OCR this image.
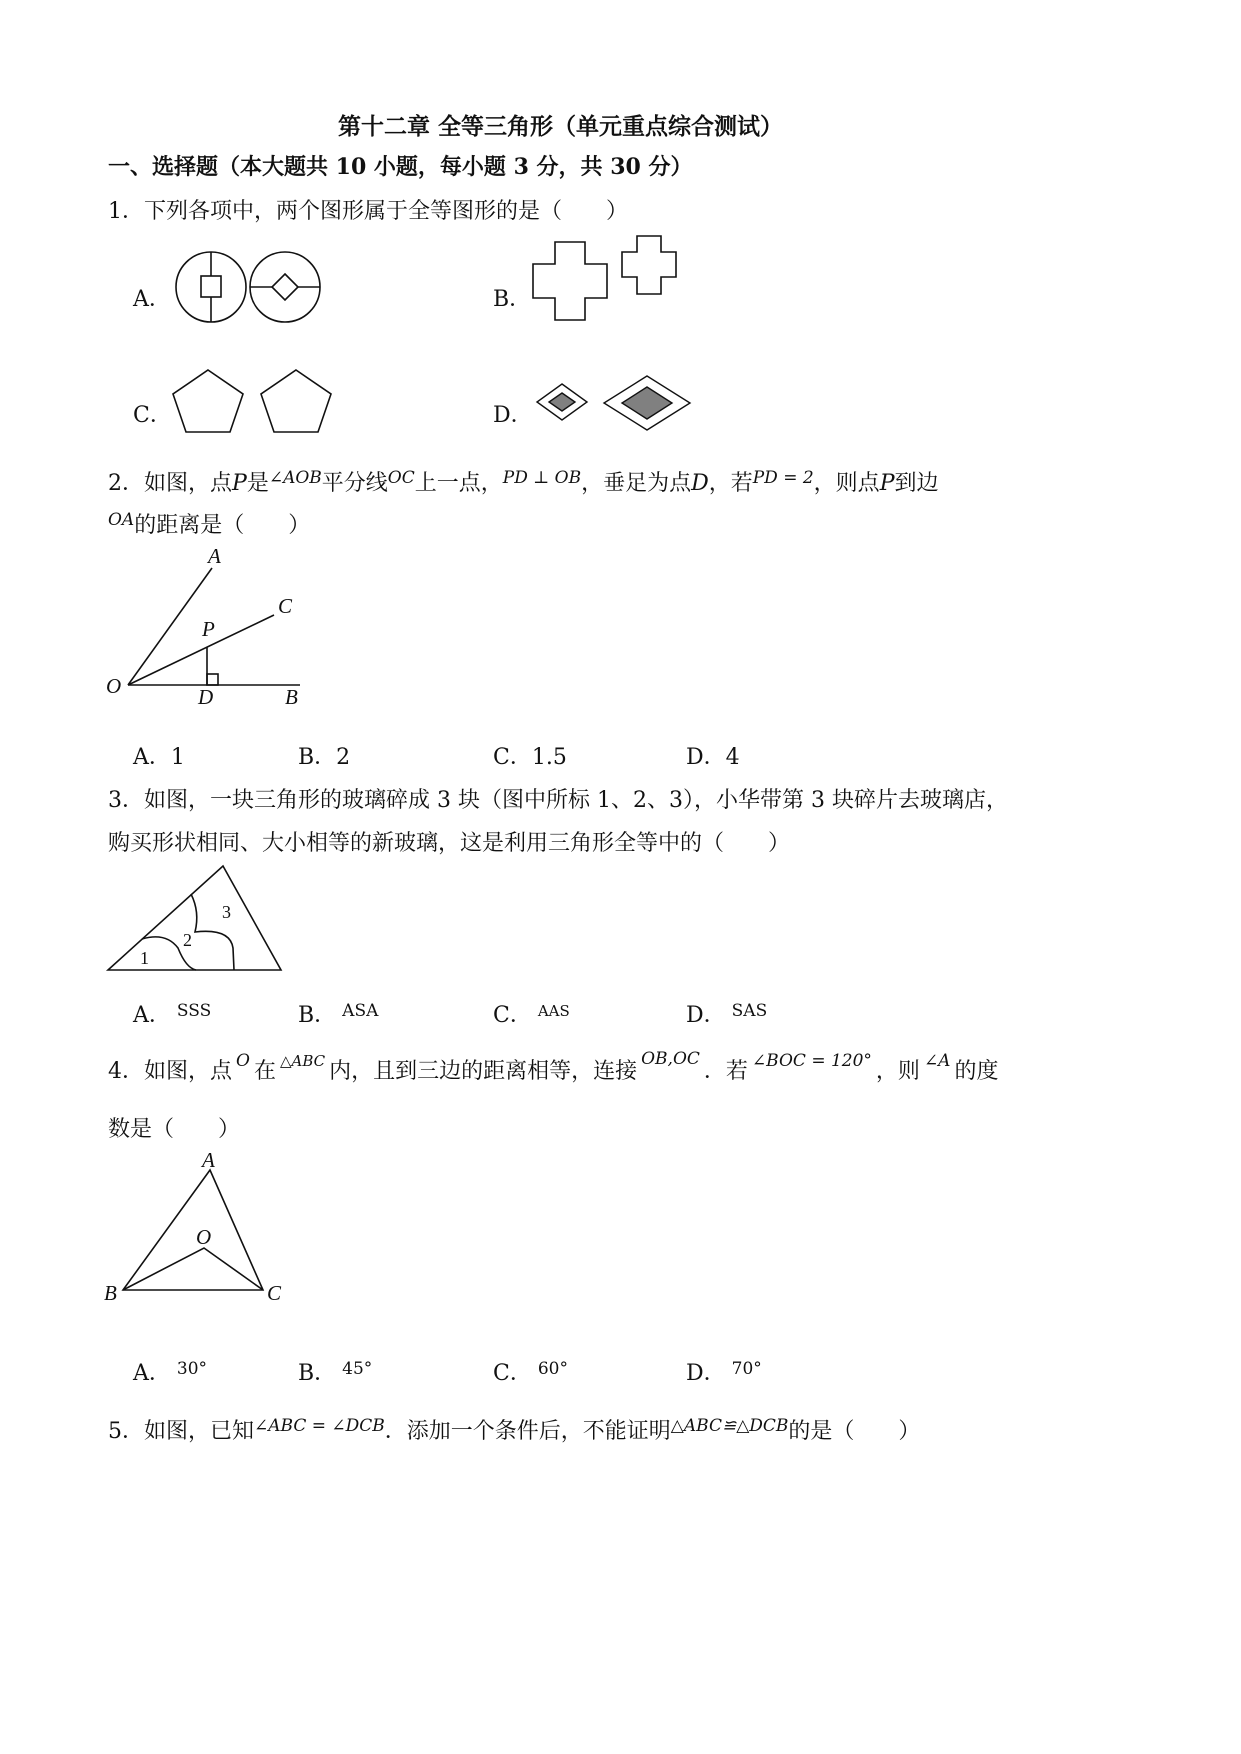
第十二章 全等三角形（单元重点综合测试）
一、选择题（本大题共 10 小题，每小题 3 分，共 30 分）
1．下列各项中，两个图形属于全等图形的是（　　）
A．	B．
C．	D．
2．如图，点P是$^{\angle AOB}$平分线$^{OC}$上一点，$^{PD \perp OB}$，垂足为点D，若$^{PD = 2}$，则点P到边
$^{OA}$的距离是（　　）
A
C
P
O	D	B
A．1	B．2	C．1.5	D．4
3．如图，一块三角形的玻璃碎成 3 块（图中所标 1、2、3），小华带第 3 块碎片去玻璃店，
购买形状相同、大小相等的新玻璃，这是利用三角形全等中的（　　）
1
2
3
A． $^{SSS}$	B． $^{ASA}$	C． $^{AAS}$	D． $^{SAS}$
4．如图，点 $^O$ 在 $^{\triangle ABC}$ 内，且到三边的距离相等，连接 $^{OB,OC}$ ．若 $^{\angle BOC = 120^\circ}$ ，则 $^{\angle A}$ 的度
数是（　　）
A
O
B	C
A． $^{30^\circ}$	B． $^{45^\circ}$	C． $^{60^\circ}$	D． $^{70^\circ}$
5．如图，已知$^{\angle ABC = \angle DCB}$．添加一个条件后，不能证明$^{\triangle ABC≌\triangle DCB}$的是（　　）
